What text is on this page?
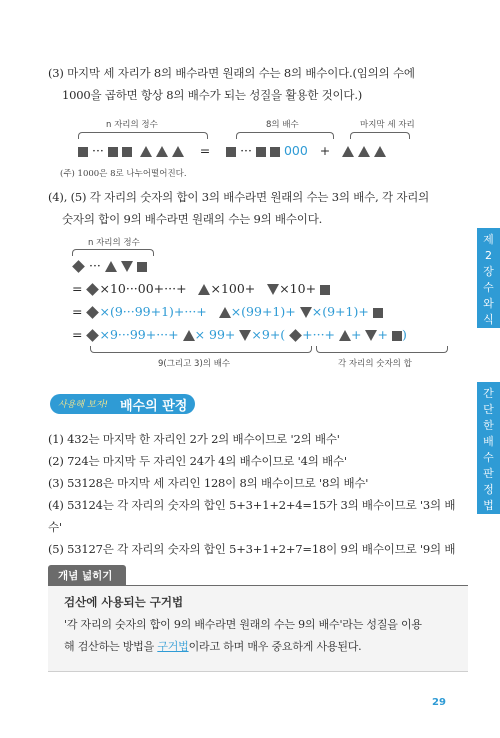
(3) 마지막 세 자리가 8의 배수라면 원래의 수는 8의 배수이다.(임의의 수에
1000을 곱하면 항상 8의 배수가 되는 성질을 활용한 것이다.)
n 자리의 정수	8의 배수	마지막 세 자리
···	= ···	000 +
(주) 1000은 8로 나누어떨어진다.
(4), (5) 각 자리의 숫자의 합이 3의 배수라면 원래의 수는 3의 배수, 각 자리의
숫자의 합이 9의 배수라면 원래의 수는 9의 배수이다.
n 자리의 정수
···
= ×10···00+···+ ×100+ ×10+
= ×(9···99+1)+···+ ×(99+1)+ ×(9+1)+
= ×9···99+···+ × 99+ ×9+( +···+ + + )
9(그리고 3)의 배수	각 자리의 숫자의 합
사용해 보자! 배수의 판정법
(1) 432는 마지막 한 자리인 2가 2의 배수이므로 '2의 배수'
(2) 724는 마지막 두 자리인 24가 4의 배수이므로 '4의 배수'
(3) 53128은 마지막 세 자리인 128이 8의 배수이므로 '8의 배수'
(4) 53124는 각 자리의 숫자의 합인 5+3+1+2+4=15가 3의 배수이므로 '3의 배수'
(5) 53127은 각 자리의 숫자의 합인 5+3+1+2+7=18이 9의 배수이므로 '9의 배
개념 넓히기
검산에 사용되는 구거법
'각 자리의 숫자의 합이 9의 배수라면 원래의 수는 9의 배수'라는 성질을 이용
해 검산하는 방법을 구거법이라고 하며 매우 중요하게 사용된다.
제
2
장
수
와
식
간
단
한
배
수
판
정
법
29
